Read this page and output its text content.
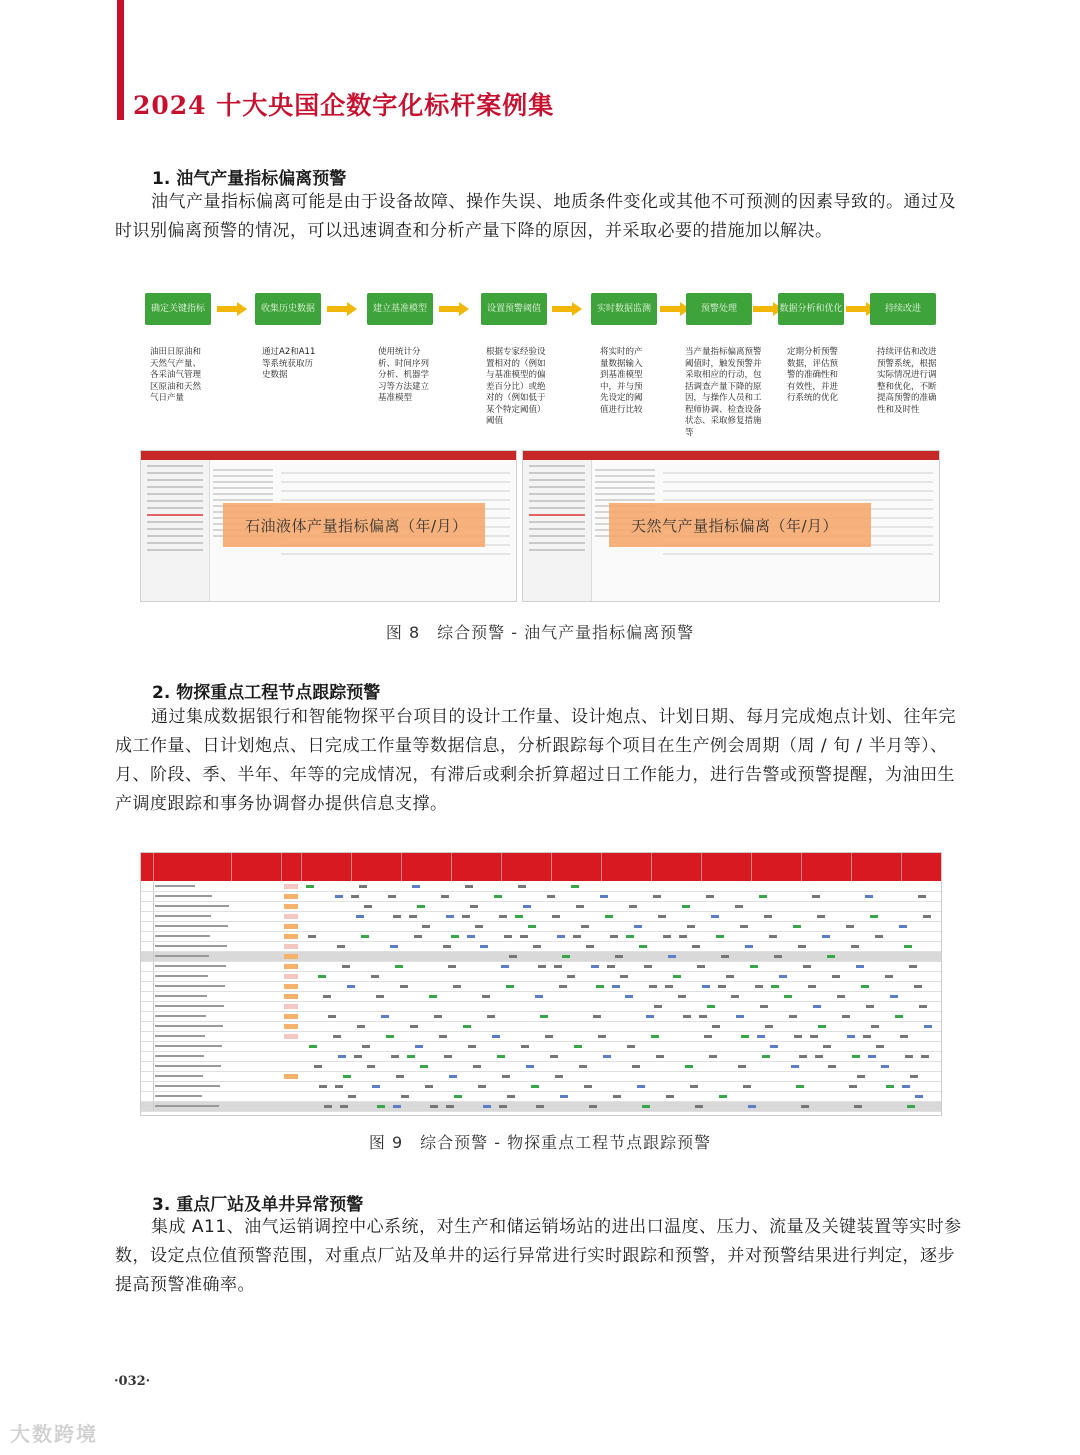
2024 十大央国企数字化标杆案例集
1. 油气产量指标偏离预警
油气产量指标偏离可能是由于设备故障、操作失误、地质条件变化或其他不可预测的因素导致的。通过及时识别偏离预警的情况，可以迅速调查和分析产量下降的原因，并采取必要的措施加以解决。
确定关键指标	收集历史数据	建立基准模型	设置预警阈值	实时数据监测	预警处理	数据分析和优化	持续改进
油田日原油和天然气产量、各采油气管理区原油和天然气日产量
通过A2和A11等系统获取历史数据
使用统计分析、时间序列分析、机器学习等方法建立基准模型
根据专家经验设置相对的（例如与基准模型的偏差百分比）或绝对的（例如低于某个特定阈值）阈值
将实时的产量数据输入到基准模型中，并与预先设定的阈值进行比较
当产量指标偏离预警阈值时，触发预警并采取相应的行动，包括调查产量下降的原因，与操作人员和工程师协调、检查设备状态、采取修复措施等
定期分析预警数据，评估预警的准确性和有效性，并进行系统的优化
持续评估和改进预警系统，根据实际情况进行调整和优化，不断提高预警的准确性和及时性
石油液体产量指标偏离（年/月）	天然气产量指标偏离（年/月）
图 8　综合预警 - 油气产量指标偏离预警
2. 物探重点工程节点跟踪预警
通过集成数据银行和智能物探平台项目的设计工作量、设计炮点、计划日期、每月完成炮点计划、往年完成工作量、日计划炮点、日完成工作量等数据信息，分析跟踪每个项目在生产例会周期（周 / 旬 / 半月等）、月、阶段、季、半年、年等的完成情况，有滞后或剩余折算超过日工作能力，进行告警或预警提醒，为油田生产调度跟踪和事务协调督办提供信息支撑。
图 9　综合预警 - 物探重点工程节点跟踪预警
3. 重点厂站及单井异常预警
集成 A11、油气运销调控中心系统，对生产和储运销场站的进出口温度、压力、流量及关键装置等实时参数，设定点位值预警范围，对重点厂站及单井的运行异常进行实时跟踪和预警，并对预警结果进行判定，逐步提高预警准确率。
·032·
大数跨境
